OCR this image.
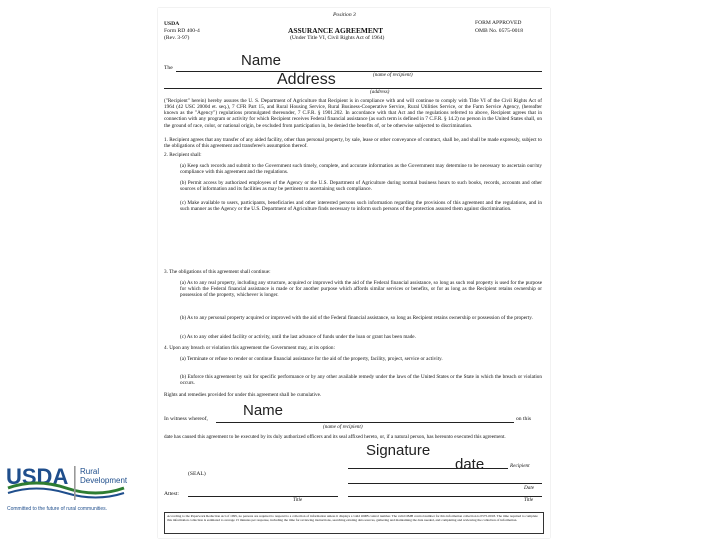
USDA Rural
Development
Committed to the future of rural communities.
Position 3
USDA
Form RD 400-4
(Rev. 3-97)
ASSURANCE AGREEMENT
(Under Title VI, Civil Rights Act of 1964)
FORM APPROVED
OMB No. 0575-0018
The
(name of recipient)
(address)
("Recipient" herein) hereby assures the U. S. Department of Agriculture that Recipient is in compliance with and will continue to comply with Title VI of the Civil Rights Act of 1964 (42 USC 2000d et. seq.), 7 CFR Part 15, and Rural Housing Service, Rural Business-Cooperative Service, Rural Utilities Service, or the Farm Service Agency, (hereafter known as the "Agency") regulations promulgated thereunder, 7 C.F.R. § 1901.202. In accordance with that Act and the regulations referred to above, Recipient agrees that in connection with any program or activity for which Recipient receives Federal financial assistance (as such term is defined in 7 C.F.R. § 14.2) no person in the United States shall, on the ground of race, color, or national origin, be excluded from participation in, be denied the benefits of, or be otherwise subjected to discrimination.
1. Recipient agrees that any transfer of any aided facility, other than personal property, by sale, lease or other conveyance of contract, shall be, and shall be made expressly, subject to the obligations of this agreement and transferee's assumption thereof.
2. Recipient shall:
(a) Keep such records and submit to the Government such timely, complete, and accurate information as the Government may determine to be necessary to ascertain our/my compliance with this agreement and the regulations.
(b) Permit access by authorized employees of the Agency or the U.S. Department of Agriculture during normal business hours to such books, records, accounts and other sources of information and its facilities as may be pertinent to ascertaining such compliance.
(c) Make available to users, participants, beneficiaries and other interested persons such information regarding the provisions of this agreement and the regulations, and in such manner as the Agency or the U.S. Department of Agriculture finds necessary to inform such persons of the protection assured them against discrimination.
3. The obligations of this agreement shall continue:
(a) As to any real property, including any structure, acquired or improved with the aid of the Federal financial assistance, so long as such real property is used for the purpose for which the Federal financial assistance is made or for another purpose which affords similar services or benefits, or for as long as the Recipient retains ownership or possession of the property, whichever is longer.
(b) As to any personal property acquired or improved with the aid of the Federal financial assistance, so long as Recipient retains ownership or possession of the property.
(c) As to any other aided facility or activity, until the last advance of funds under the loan or grant has been made.
4. Upon any breach or violation this agreement the Government may, at its option:
(a) Terminate or refuse to render or continue financial assistance for the aid of the property, facility, project, service or activity.
(b) Enforce this agreement by suit for specific performance or by any other available remedy under the laws of the United States or the State in which the breach or violation occurs.
Rights and remedies provided for under this agreement shall be cumulative.
In witness whereof,	on this
(name of recipient)
date has caused this agreement to be executed by its duly authorized officers and its seal affixed hereto, or, if a natural person, has hereunto executed this agreement.
(SEAL)
Recipient
Date
Attest:
Title	Title
According to the Paperwork Reduction Act of 1995, no persons are required to respond to a collection of information unless it displays a valid OMB control number. The valid OMB control number for this information collection is 0575-0018. The time required to complete this information collection is estimated to average 15 minutes per response, including the time for reviewing instructions, searching existing data sources, gathering and maintaining the data needed, and completing and reviewing the collection of information.
Name
Address
Name
Signature
date
